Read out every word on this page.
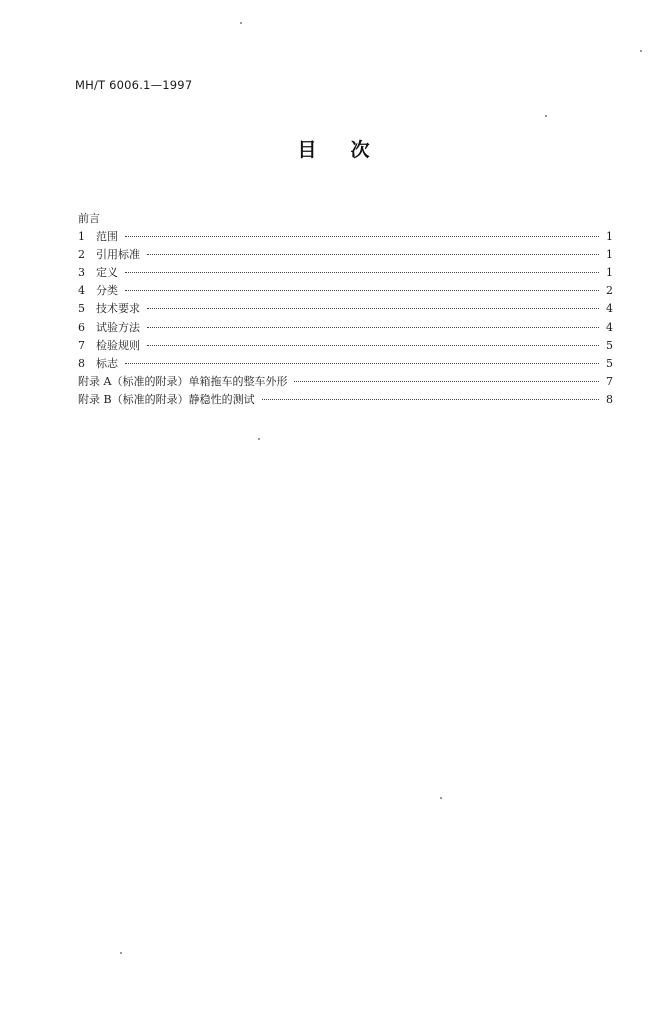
MH/T 6006.1—1997
目 次
前言
1	范围	1
2	引用标准	1
3	定义	1
4	分类	2
5	技术要求	4
6	试验方法	4
7	检验规则	5
8	标志	5
附录 A（标准的附录）单箱拖车的整车外形	7
附录 B（标准的附录）静稳性的测试	8
